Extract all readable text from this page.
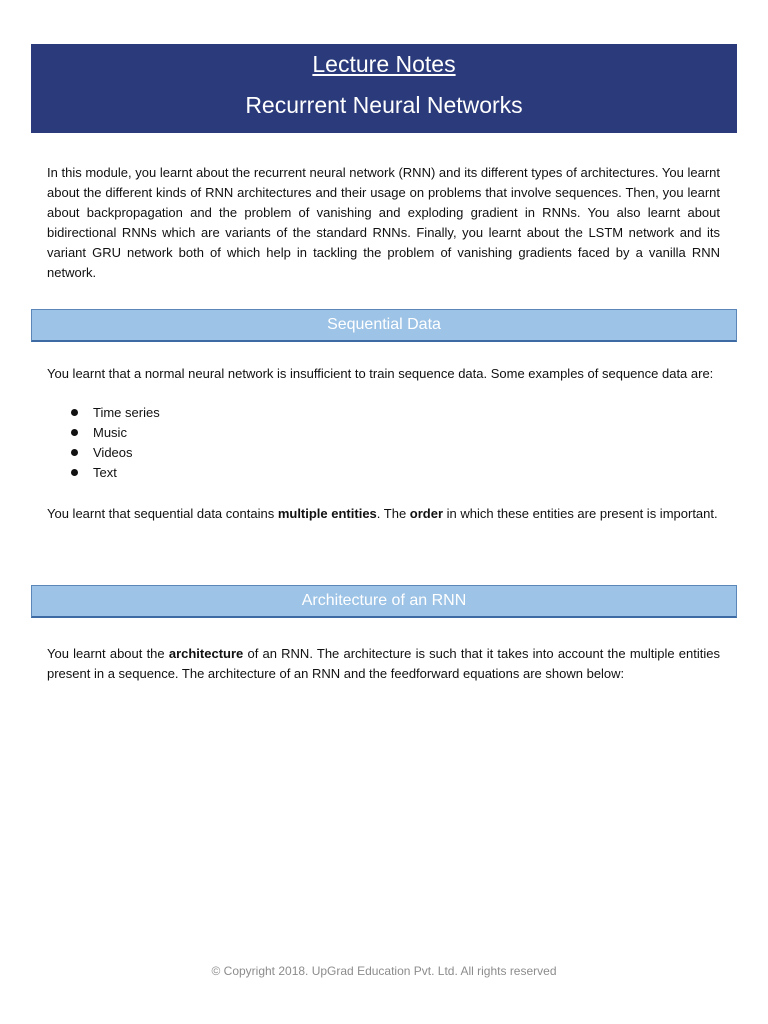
Lecture Notes
Recurrent Neural Networks

In this module, you learnt about the recurrent neural network (RNN) and its different types of architectures. You learnt about the different kinds of RNN architectures and their usage on problems that involve sequences. Then, you learnt about backpropagation and the problem of vanishing and exploding gradient in RNNs. You also learnt about bidirectional RNNs which are variants of the standard RNNs. Finally, you learnt about the LSTM network and its variant GRU network both of which help in tackling the problem of vanishing gradients faced by a vanilla RNN network.

Sequential Data

You learnt that a normal neural network is insufficient to train sequence data. Some examples of sequence data are:

Time series
Music
Videos
Text

You learnt that sequential data contains multiple entities. The order in which these entities are present is important.

Architecture of an RNN

You learnt about the architecture of an RNN. The architecture is such that it takes into account the multiple entities present in a sequence. The architecture of an RNN and the feedforward equations are shown below:

© Copyright 2018. UpGrad Education Pvt. Ltd. All rights reserved
